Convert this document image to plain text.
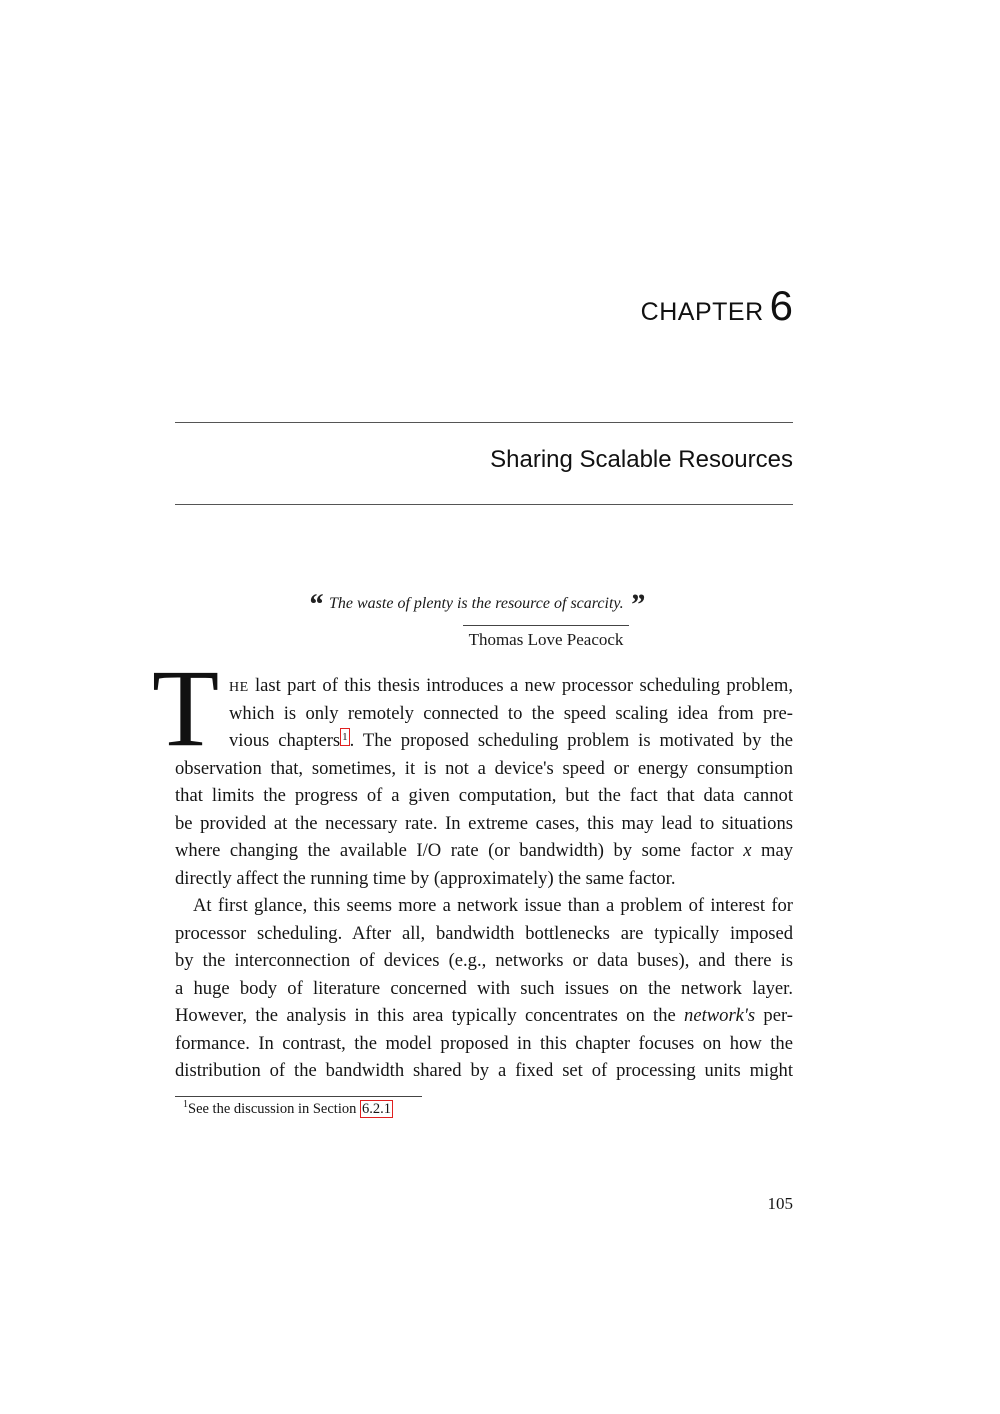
CHAPTER 6
Sharing Scalable Resources
“ The waste of plenty is the resource of scarcity. ”
Thomas Love Peacock
T HE last part of this thesis introduces a new processor scheduling problem,
which is only remotely connected to the speed scaling idea from pre-
vious chapters 1 . The proposed scheduling problem is motivated by the
observation that, sometimes, it is not a device's speed or energy consumption
that limits the progress of a given computation, but the fact that data cannot
be provided at the necessary rate. In extreme cases, this may lead to situations
where changing the available I/O rate (or bandwidth) by some factor x may
directly affect the running time by (approximately) the same factor.
At first glance, this seems more a network issue than a problem of interest for
processor scheduling. After all, bandwidth bottlenecks are typically imposed
by the interconnection of devices (e.g., networks or data buses), and there is
a huge body of literature concerned with such issues on the network layer.
However, the analysis in this area typically concentrates on the network's per-
formance. In contrast, the model proposed in this chapter focuses on how the
distribution of the bandwidth shared by a fixed set of processing units might
$^1$See the discussion in Section 6.2.1
105
